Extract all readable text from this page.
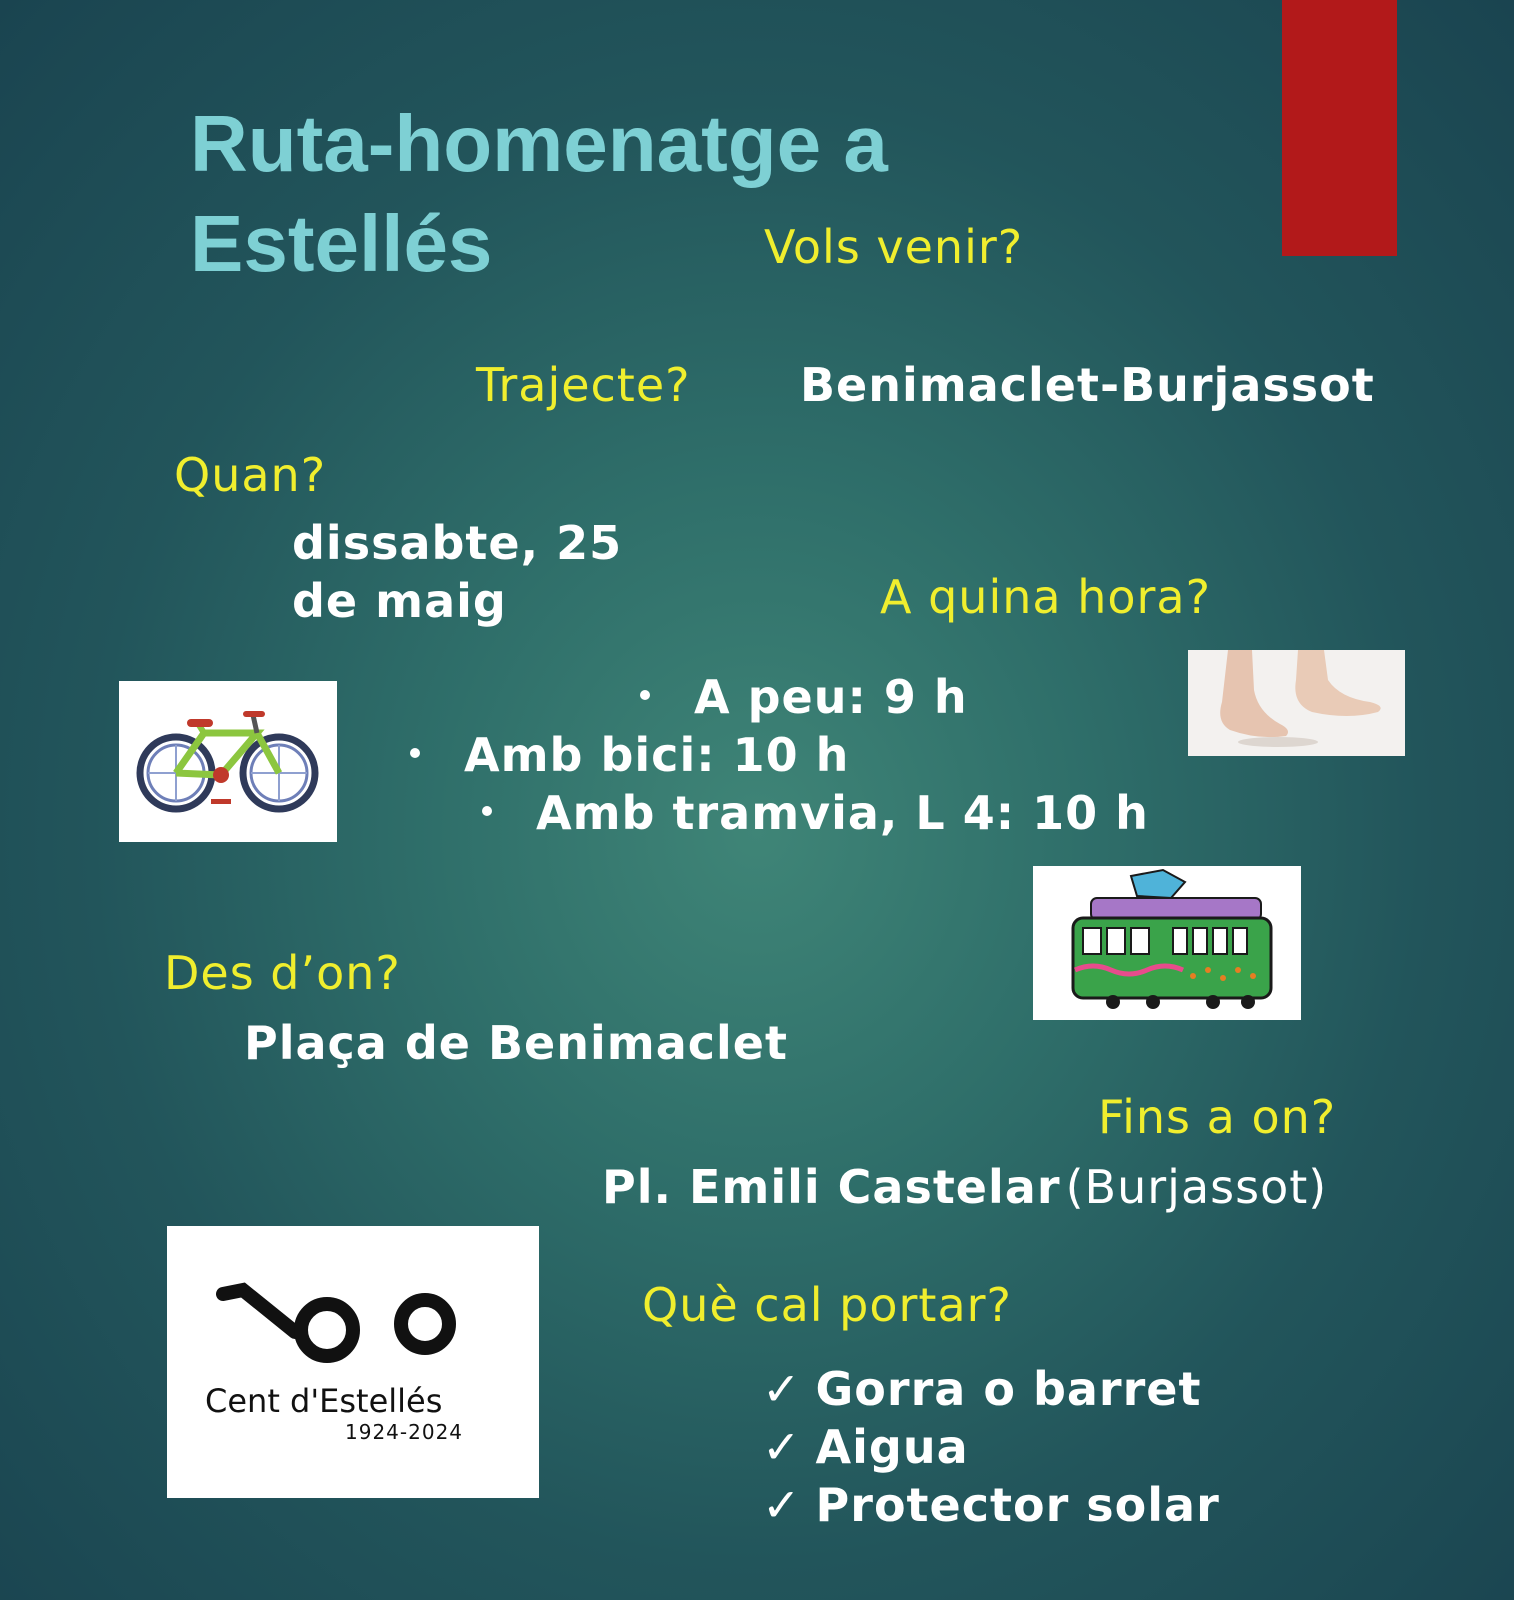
Ruta-homenatge a
Estellés	Vols venir?
Trajecte? Benimaclet-Burjassot
Quan?
dissabte, 25
de maig	A quina hora?
A peu: 9 h
Amb bici: 10 h
Amb tramvia, L 4: 10 h
Des d’on?
Plaça de Benimaclet
Fins a on?
Pl. Emili Castelar (Burjassot)
Cent d'Estellés
1924-2024
Què cal portar?
✓ Gorra o barret
✓ Aigua
✓ Protector solar
